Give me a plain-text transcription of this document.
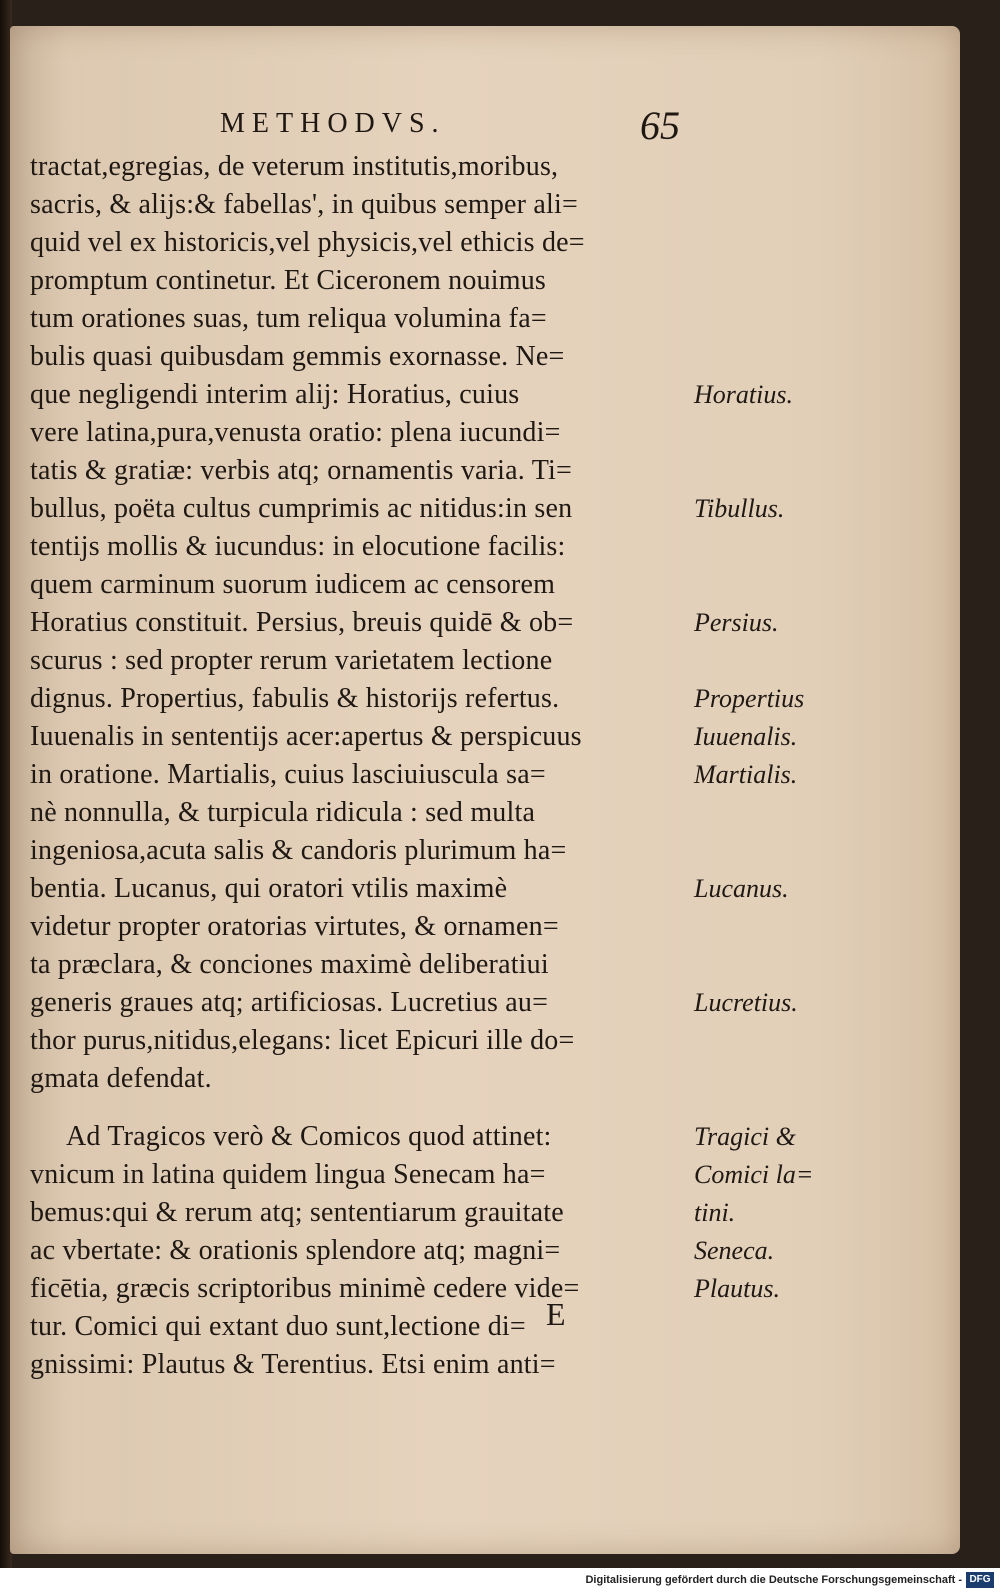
METHODVS.	65
tractat,egregias, de veterum institutis,moribus,
sacris, & alijs:& fabellas', in quibus semper ali=
quid vel ex historicis,vel physicis,vel ethicis de=
promptum continetur. Et Ciceronem nouimus
tum orationes suas, tum reliqua volumina fa=
bulis quasi quibusdam gemmis exornasse. Ne=
que negligendi interim alij: Horatius, cuius
vere latina,pura,venusta oratio: plena iucundi=
tatis & gratiæ: verbis atq; ornamentis varia. Ti=
bullus, poëta cultus cumprimis ac nitidus:in sen
tentijs mollis & iucundus: in elocutione facilis:
quem carminum suorum iudicem ac censorem
Horatius constituit. Persius, breuis quidē & ob=
scurus : sed propter rerum varietatem lectione
dignus. Propertius, fabulis & historijs refertus.
Iuuenalis in sententijs acer:apertus & perspicuus
in oratione. Martialis, cuius lasciuiuscula sa=
nè nonnulla, & turpicula ridicula : sed multa
ingeniosa,acuta salis & candoris plurimum ha=
bentia. Lucanus, qui oratori vtilis maximè
videtur propter oratorias virtutes, & ornamen=
ta præclara, & conciones maximè deliberatiui
generis graues atq; artificiosas. Lucretius au=
thor purus,nitidus,elegans: licet Epicuri ille do=
gmata defendat.
Ad Tragicos verò & Comicos quod attinet:
vnicum in latina quidem lingua Senecam ha=
bemus:qui & rerum atq; sententiarum grauitate
ac vbertate: & orationis splendore atq; magni=
ficētia, græcis scriptoribus minimè cedere vide=
tur. Comici qui extant duo sunt,lectione di=
gnissimi: Plautus & Terentius. Etsi enim anti=
Horatius.
Tibullus.
Persius.
Propertius
Iuuenalis.
Martialis.
Lucanus.
Lucretius.
Tragici &
Comici la=
tini.
Seneca.
Plautus.
E
Digitalisierung gefördert durch die Deutsche Forschungsgemeinschaft - DFG
